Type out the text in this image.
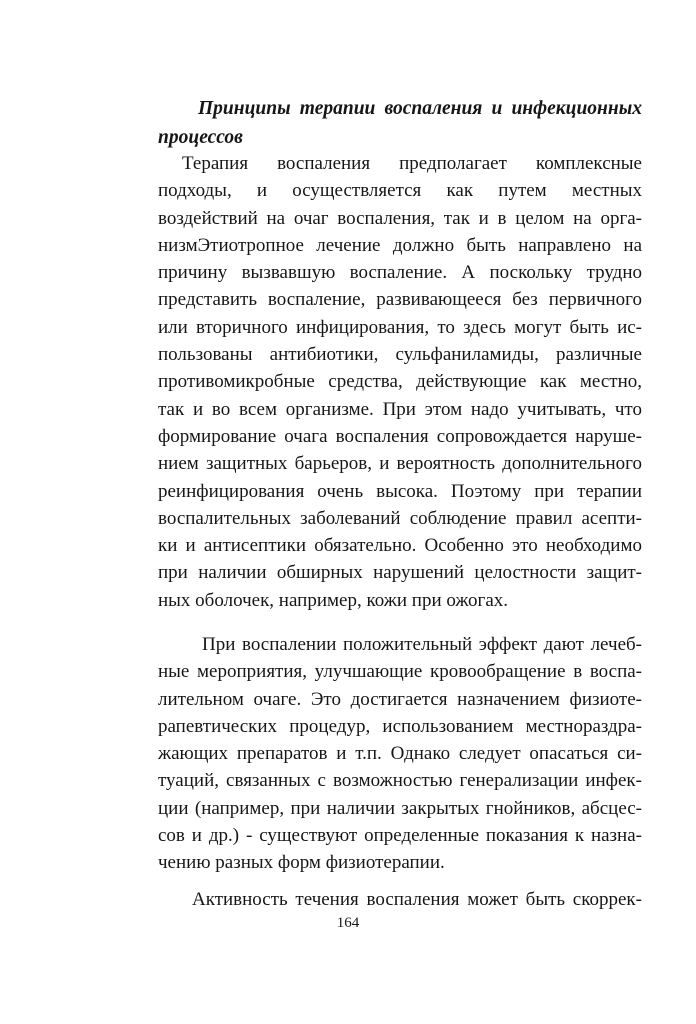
Принципы терапии воспаления и инфекционных процессов
Терапия воспаления предполагает комплексные
подходы, и осуществляется как путем местных
воздействий на очаг воспаления, так и в целом на орга-
низмЭтиотропное лечение должно быть направлено на
причину вызвавшую воспаление. А поскольку трудно
представить воспаление, развивающееся без первичного
или вторичного инфицирования, то здесь могут быть ис-
пользованы антибиотики, сульфаниламиды, различные
противомикробные средства, действующие как местно,
так и во всем организме. При этом надо учитывать, что
формирование очага воспаления сопровождается наруше-
нием защитных барьеров, и вероятность дополнительного
реинфицирования очень высока. Поэтому при терапии
воспалительных заболеваний соблюдение правил асепти-
ки и антисептики обязательно. Особенно это необходимо
при наличии обширных нарушений целостности защит-
ных оболочек, например, кожи при ожогах.
При воспалении положительный эффект дают лечеб-
ные мероприятия, улучшающие кровообращение в воспа-
лительном очаге. Это достигается назначением физиоте-
рапевтических процедур, использованием местнораздра-
жающих препаратов и т.п. Однако следует опасаться си-
туаций, связанных с возможностью генерализации инфек-
ции (например, при наличии закрытых гнойников, абсцес-
сов и др.) - существуют определенные показания к назна-
чению разных форм физиотерапии.
Активность течения воспаления может быть скоррек-
164
